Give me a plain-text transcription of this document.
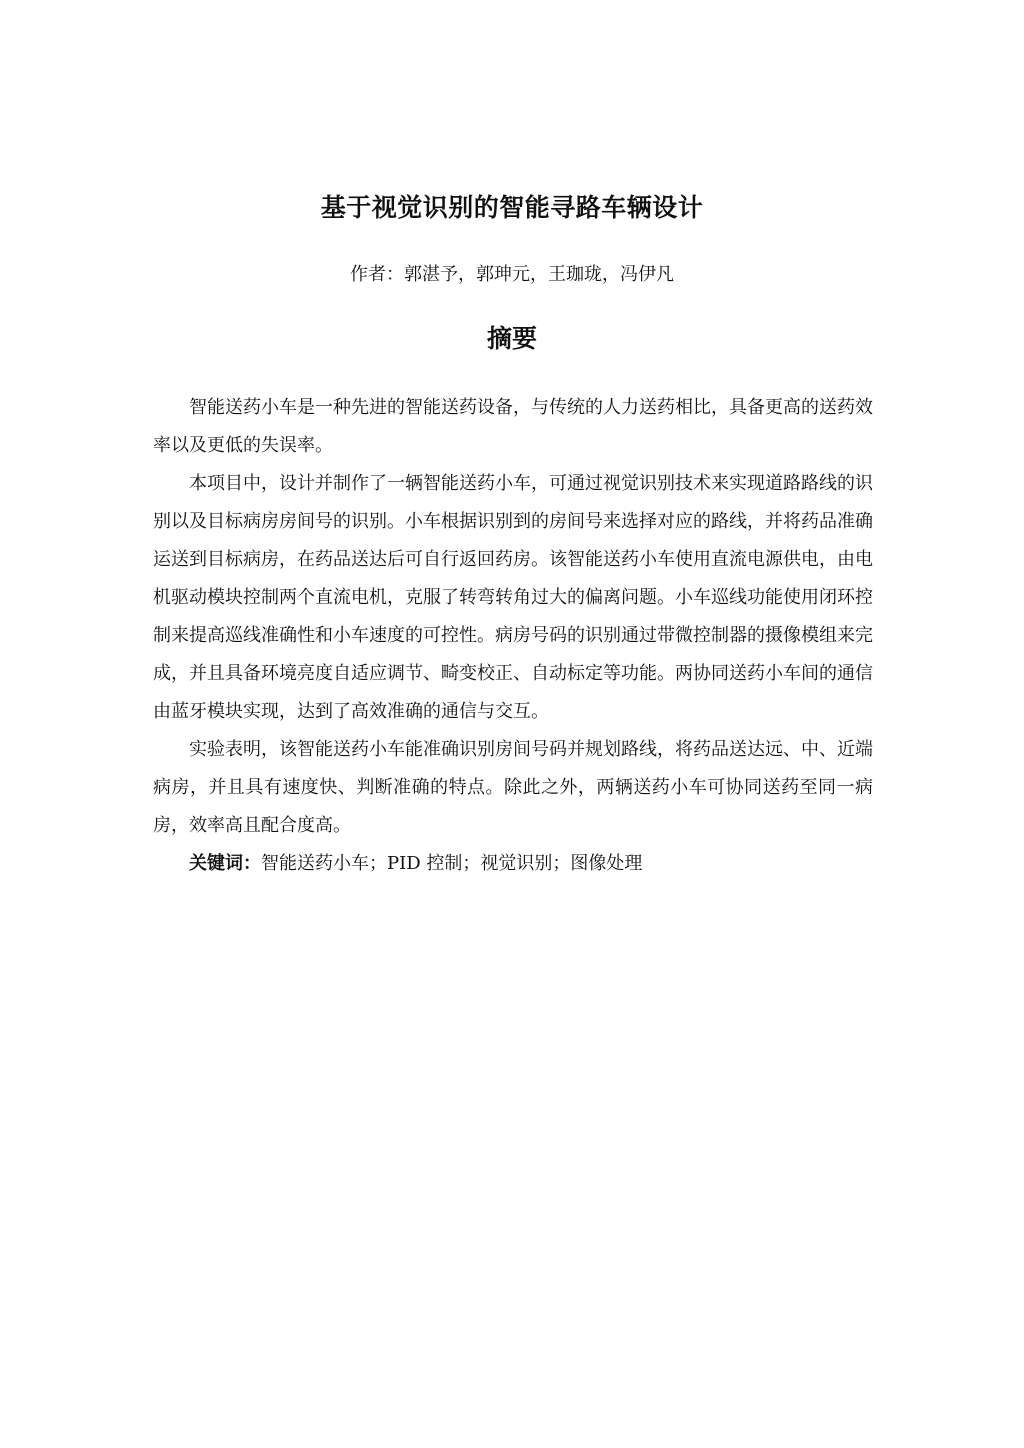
基于视觉识别的智能寻路车辆设计
作者：郭湛予，郭珅元，王珈珑，冯伊凡
摘要

智能送药小车是一种先进的智能送药设备，与传统的人力送药相比，具备更高的送药效率以及更低的失误率。

本项目中，设计并制作了一辆智能送药小车，可通过视觉识别技术来实现道路路线的识别以及目标病房房间号的识别。小车根据识别到的房间号来选择对应的路线，并将药品准确运送到目标病房，在药品送达后可自行返回药房。该智能送药小车使用直流电源供电，由电机驱动模块控制两个直流电机，克服了转弯转角过大的偏离问题。小车巡线功能使用闭环控制来提高巡线准确性和小车速度的可控性。病房号码的识别通过带微控制器的摄像模组来完成，并且具备环境亮度自适应调节、畸变校正、自动标定等功能。两协同送药小车间的通信由蓝牙模块实现，达到了高效准确的通信与交互。

实验表明，该智能送药小车能准确识别房间号码并规划路线，将药品送达远、中、近端病房，并且具有速度快、判断准确的特点。除此之外，两辆送药小车可协同送药至同一病房，效率高且配合度高。

关键词：智能送药小车；PID 控制；视觉识别；图像处理
